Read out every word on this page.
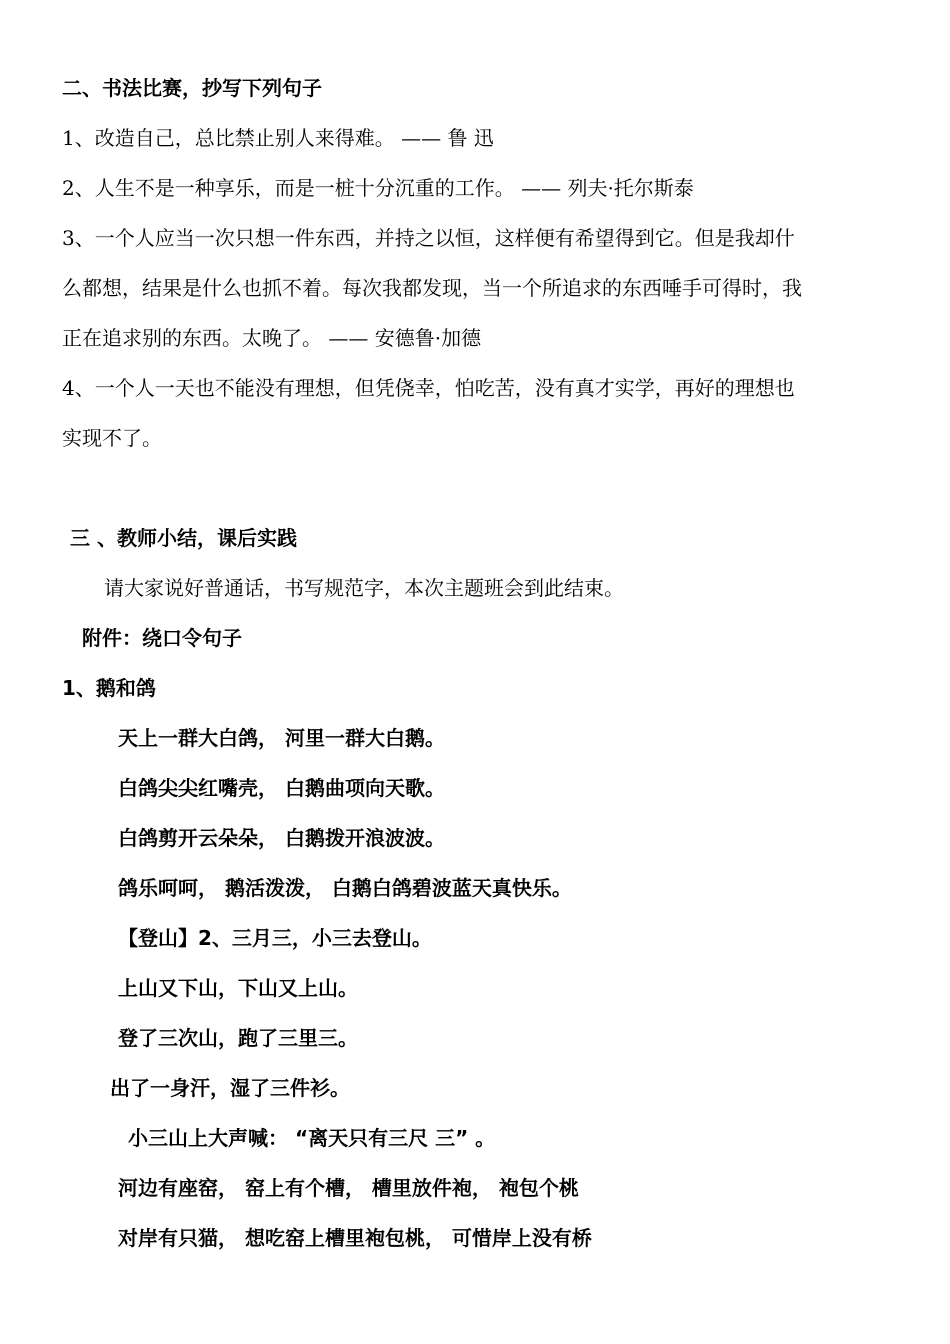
二、书法比赛，抄写下列句子
1、改造自己，总比禁止别人来得难。 —— 鲁 迅
2、人生不是一种享乐，而是一桩十分沉重的工作。 —— 列夫·托尔斯泰
3、一个人应当一次只想一件东西，并持之以恒，这样便有希望得到它。但是我却什
么都想，结果是什么也抓不着。每次我都发现，当一个所追求的东西唾手可得时，我
正在追求别的东西。太晚了。 —— 安德鲁·加德
4、一个人一天也不能没有理想，但凭侥幸，怕吃苦，没有真才实学，再好的理想也
实现不了。
三 、教师小结，课后实践
请大家说好普通话，书写规范字，本次主题班会到此结束。
附件：绕口令句子
1、鹅和鸽
天上一群大白鸽， 河里一群大白鹅。
白鸽尖尖红嘴壳， 白鹅曲项向天歌。
白鸽剪开云朵朵， 白鹅拨开浪波波。
鸽乐呵呵， 鹅活泼泼， 白鹅白鸽碧波蓝天真快乐。
【登山】2、三月三，小三去登山。
上山又下山，下山又上山。
登了三次山，跑了三里三。
出了一身汗，湿了三件衫。
小三山上大声喊： “离天只有三尺 三” 。
河边有座窑， 窑上有个槽， 槽里放件袍， 袍包个桃
对岸有只猫， 想吃窑上槽里袍包桃， 可惜岸上没有桥
